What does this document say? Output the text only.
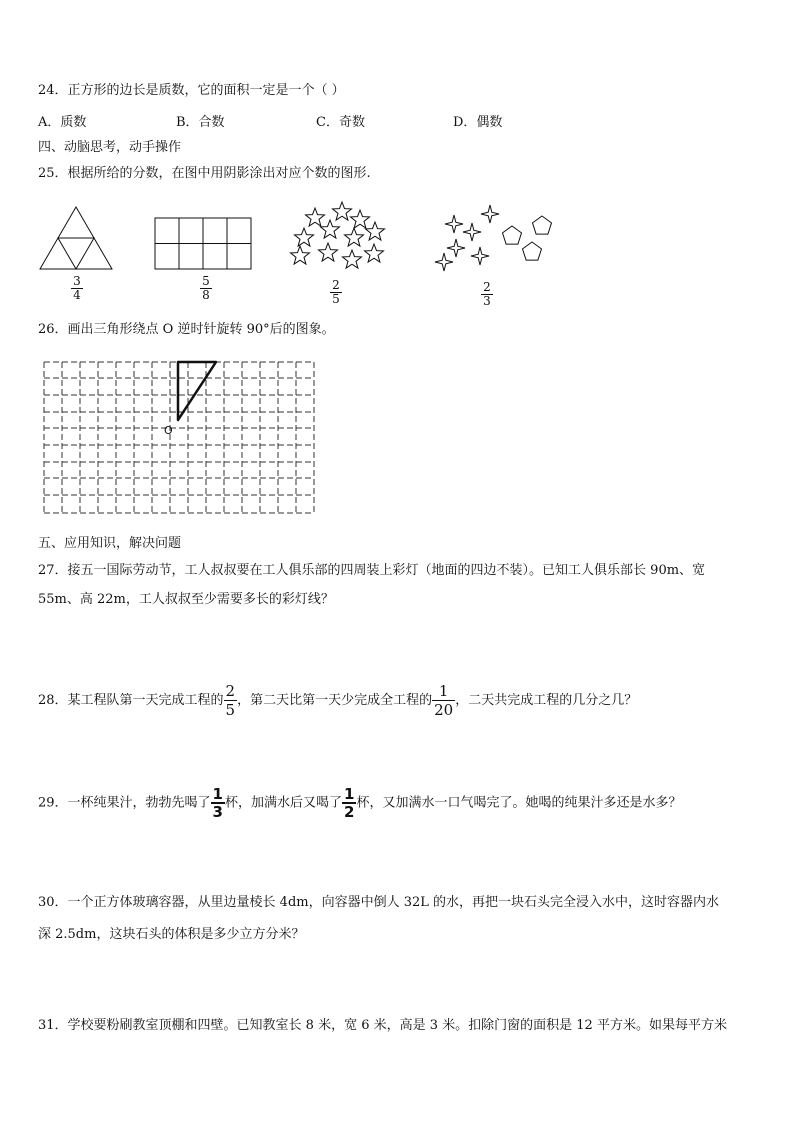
24．正方形的边长是质数，它的面积一定是一个（ ）
A．质数	B．合数	C．奇数	D．偶数
四、动脑思考，动手操作
25．根据所给的分数，在图中用阴影涂出对应个数的图形.
$\frac{3}{4}$	$\frac{5}{8}$	$\frac{2}{5}$	$\frac{2}{3}$
26．画出三角形绕点 O 逆时针旋转 90°后的图象。
O
五、应用知识，解决问题
27．接五一国际劳动节，工人叔叔要在工人俱乐部的四周装上彩灯（地面的四边不装）。已知工人俱乐部长 90m、宽
55m、高 22m，工人叔叔至少需要多长的彩灯线？
28．某工程队第一天完成工程的 $\frac{2}{5}$ ，第二天比第一天少完成全工程的 $\frac{1}{20}$ ，二天共完成工程的几分之几？
29．一杯纯果汁，勃勃先喝了 $\frac{1}{3}$ 杯，加满水后又喝了 $\frac{1}{2}$ 杯，又加满水一口气喝完了。她喝的纯果汁多还是水多？
30．一个正方体玻璃容器，从里边量棱长 4dm，向容器中倒人 32L 的水，再把一块石头完全浸入水中，这时容器内水
深 2.5dm，这块石头的体积是多少立方分米？
31．学校要粉刷教室顶棚和四壁。已知教室长 8 米，宽 6 米，高是 3 米。扣除门窗的面积是 12 平方米。如果每平方米
